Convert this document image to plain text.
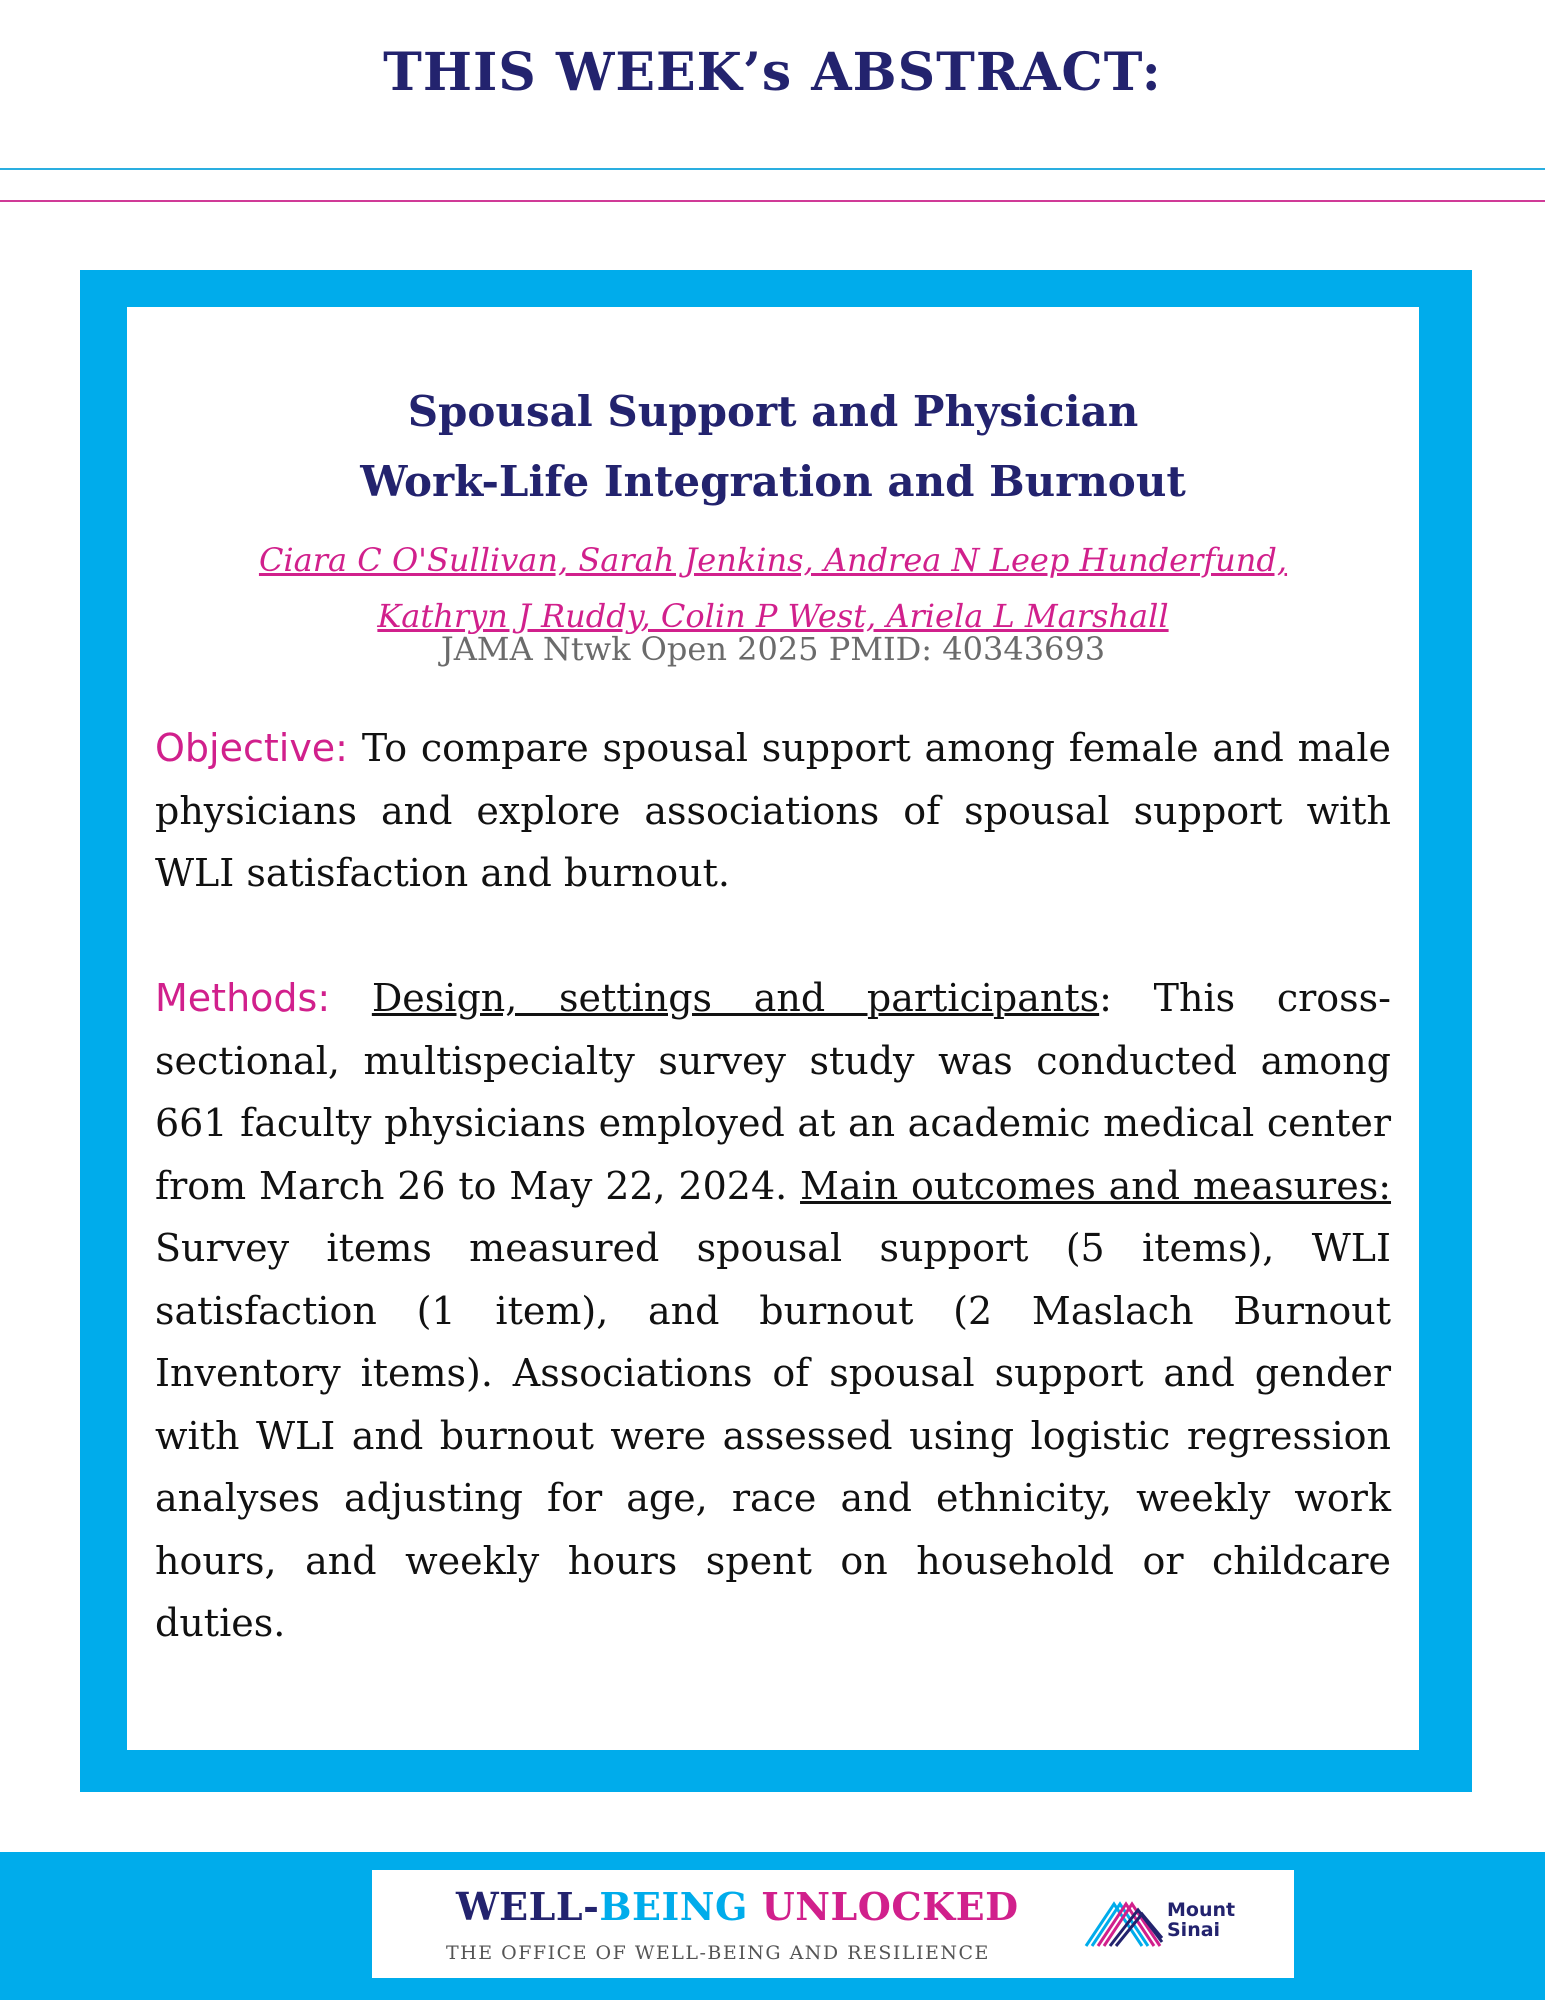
THIS WEEK’s ABSTRACT:
Spousal Support and Physician
Work-Life Integration and Burnout
Ciara C O'Sullivan, Sarah Jenkins, Andrea N Leep Hunderfund,
Kathryn J Ruddy, Colin P West, Ariela L Marshall
JAMA Ntwk Open 2025 PMID: 40343693

Objective: To compare spousal support among female and male physicians and explore associations of spousal support with WLI satisfaction and burnout.

Methods: Design, settings and participants: This cross-sectional, multispecialty survey study was conducted among 661 faculty physicians employed at an academic medical center from March 26 to May 22, 2024. Main outcomes and measures: Survey items measured spousal support (5 items), WLI satisfaction (1 item), and burnout (2 Maslach Burnout Inventory items). Associations of spousal support and gender with WLI and burnout were assessed using logistic regression analyses adjusting for age, race and ethnicity, weekly work hours, and weekly hours spent on household or childcare duties.

WELL-BEING UNLOCKED
THE OFFICE OF WELL-BEING AND RESILIENCE
Mount
Sinai
